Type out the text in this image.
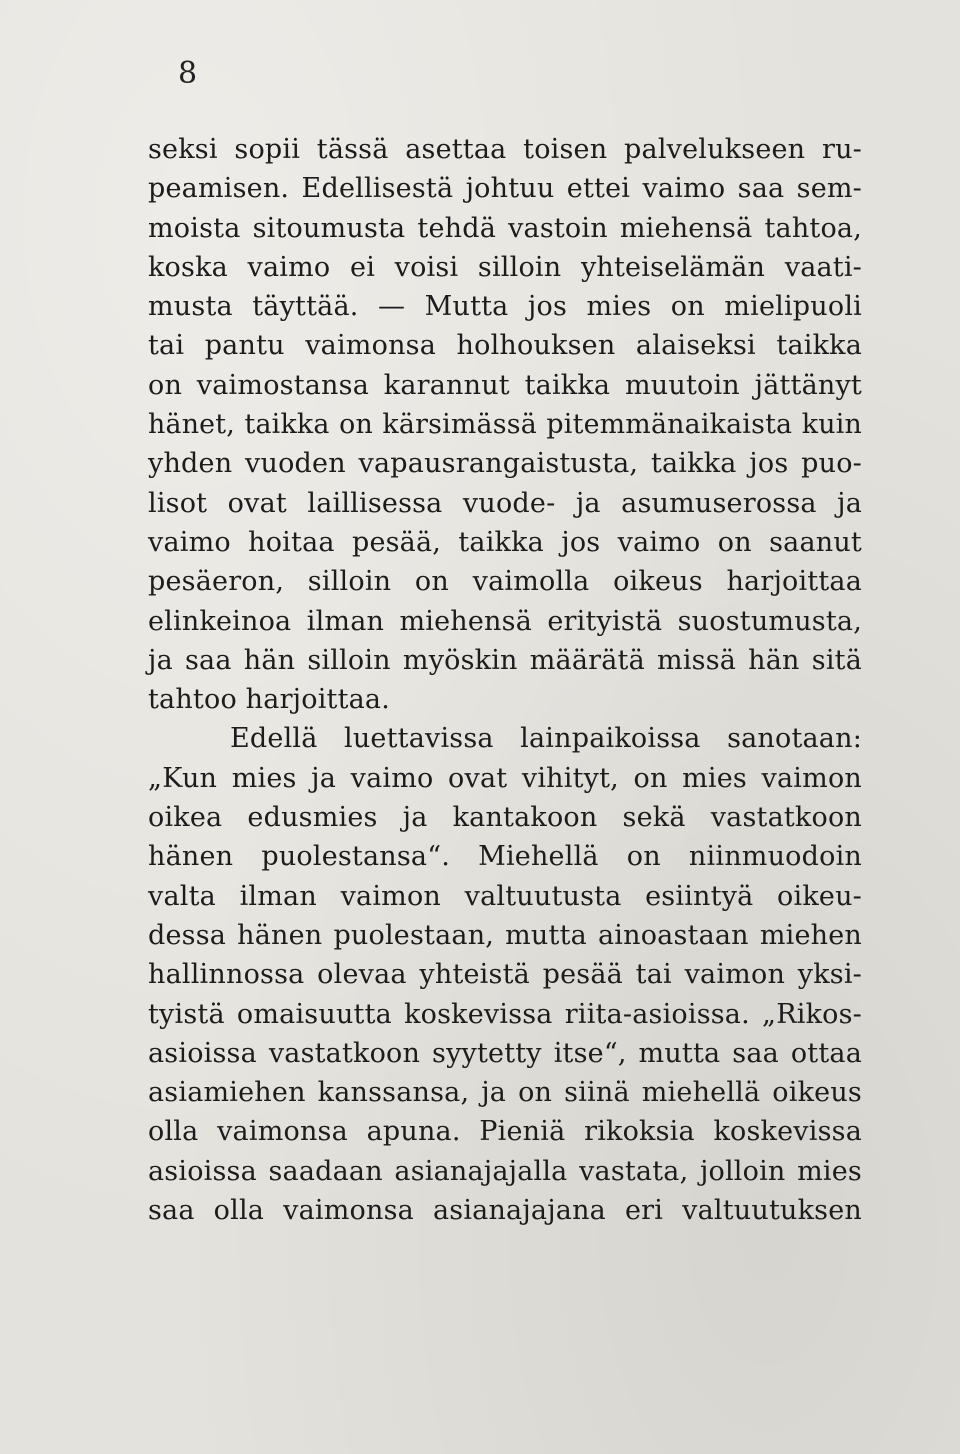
8
seksi sopii tässä asettaa toisen palvelukseen ru-
peamisen. Edellisestä johtuu ettei vaimo saa sem-
moista sitoumusta tehdä vastoin miehensä tahtoa,
koska vaimo ei voisi silloin yhteiselämän vaati-
musta täyttää. — Mutta jos mies on mielipuoli
tai pantu vaimonsa holhouksen alaiseksi taikka
on vaimostansa karannut taikka muutoin jättänyt
hänet, taikka on kärsimässä pitemmänaikaista kuin
yhden vuoden vapausrangaistusta, taikka jos puo-
lisot ovat laillisessa vuode- ja asumuserossa ja
vaimo hoitaa pesää, taikka jos vaimo on saanut
pesäeron, silloin on vaimolla oikeus harjoittaa
elinkeinoa ilman miehensä erityistä suostumusta,
ja saa hän silloin myöskin määrätä missä hän sitä
tahtoo harjoittaa.
Edellä luettavissa lainpaikoissa sanotaan:
„Kun mies ja vaimo ovat vihityt, on mies vaimon
oikea edusmies ja kantakoon sekä vastatkoon
hänen puolestansa“. Miehellä on niinmuodoin
valta ilman vaimon valtuutusta esiintyä oikeu-
dessa hänen puolestaan, mutta ainoastaan miehen
hallinnossa olevaa yhteistä pesää tai vaimon yksi-
tyistä omaisuutta koskevissa riita-asioissa. „Rikos-
asioissa vastatkoon syytetty itse“, mutta saa ottaa
asiamiehen kanssansa, ja on siinä miehellä oikeus
olla vaimonsa apuna. Pieniä rikoksia koskevissa
asioissa saadaan asianajajalla vastata, jolloin mies
saa olla vaimonsa asianajajana eri valtuutuksen
